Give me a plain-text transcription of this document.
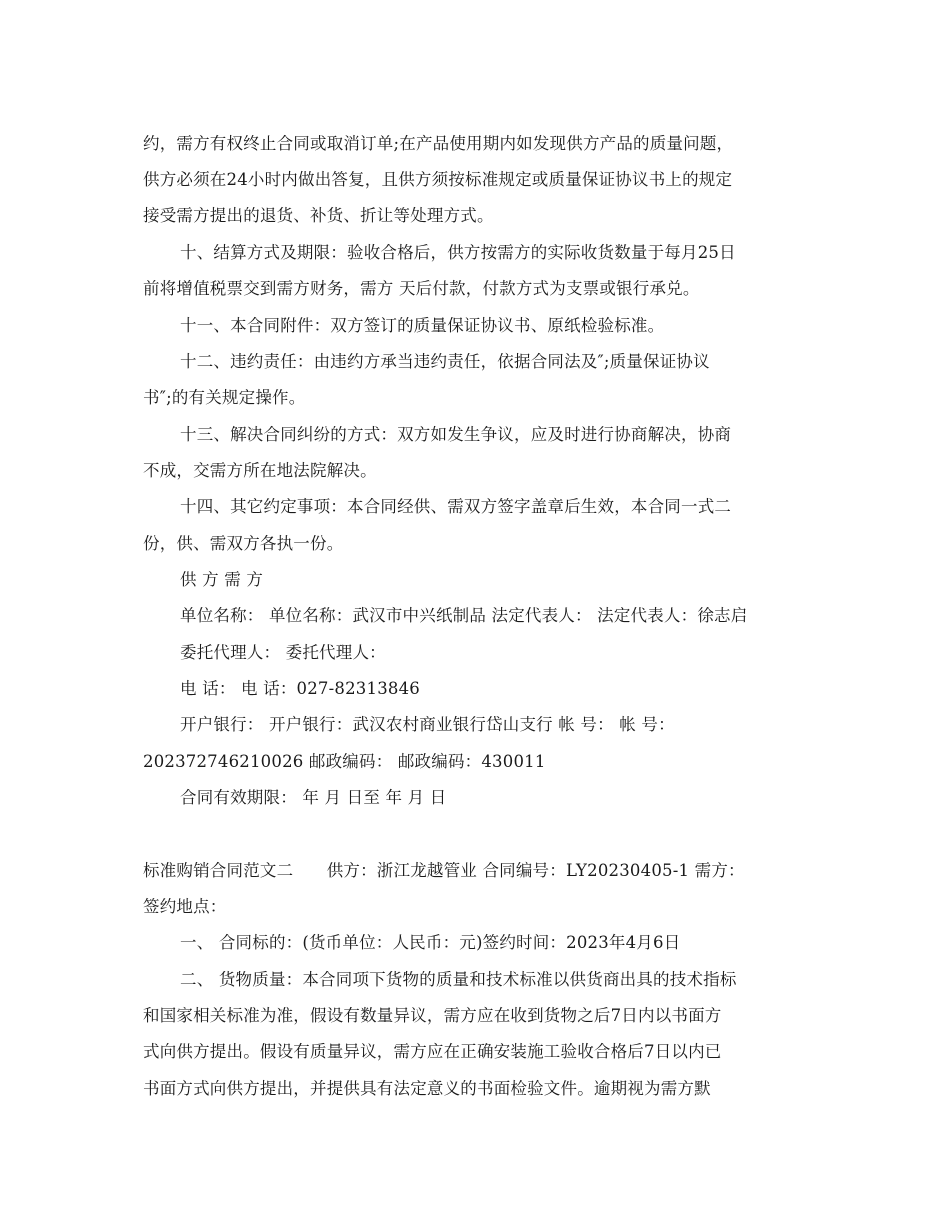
约，需方有权终止合同或取消订单;在产品使用期内如发现供方产品的质量问题，
供方必须在24小时内做出答复，且供方须按标准规定或质量保证协议书上的规定
接受需方提出的退货、补货、折让等处理方式。
十、结算方式及期限：验收合格后，供方按需方的实际收货数量于每月25日
前将增值税票交到需方财务，需方 天后付款，付款方式为支票或银行承兑。
十一、本合同附件：双方签订的质量保证协议书、原纸检验标准。
十二、违约责任：由违约方承当违约责任，依据合同法及″;质量保证协议
书″;的有关规定操作。
十三、解决合同纠纷的方式：双方如发生争议，应及时进行协商解决，协商
不成，交需方所在地法院解决。
十四、其它约定事项：本合同经供、需双方签字盖章后生效，本合同一式二
份，供、需双方各执一份。
供 方 需 方
单位名称： 单位名称：武汉市中兴纸制品 法定代表人： 法定代表人：徐志启
委托代理人： 委托代理人：
电 话： 电 话：027-82313846
开户银行： 开户银行：武汉农村商业银行岱山支行 帐 号： 帐 号：
202372746210026 邮政编码： 邮政编码：430011
合同有效期限： 年 月 日至 年 月 日
标准购销合同范文二　　供方：浙江龙越管业 合同编号：LY20230405-1 需方：
签约地点：
一、 合同标的：(货币单位：人民币：元)签约时间：2023年4月6日
二、 货物质量：本合同项下货物的质量和技术标准以供货商出具的技术指标
和国家相关标准为准，假设有数量异议，需方应在收到货物之后7日内以书面方
式向供方提出。假设有质量异议，需方应在正确安装施工验收合格后7日以内已
书面方式向供方提出，并提供具有法定意义的书面检验文件。逾期视为需方默
